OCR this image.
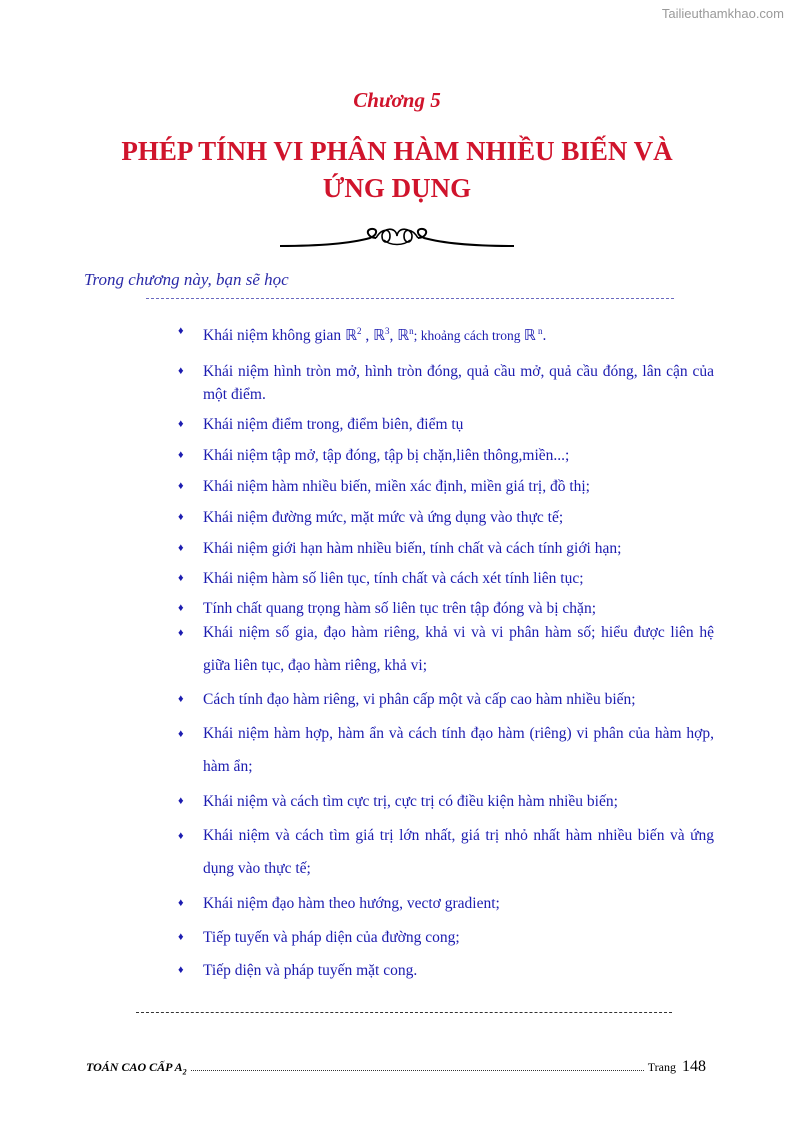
Tailieuthamkhao.com
Chương 5
PHÉP TÍNH VI PHÂN HÀM NHIỀU BIẾN VÀ
ỨNG DỤNG
Trong chương này, bạn sẽ học
♦ Khái niệm không gian ℝ$^2$ , ℝ$^3$, ℝ$^n$; khoảng cách trong ℝ $^n$.
♦ Khái niệm hình tròn mở, hình tròn đóng, quả cầu mở, quả cầu đóng, lân cận của một điểm.
♦ Khái niệm điểm trong, điểm biên, điểm tụ
♦ Khái niệm tập mở, tập đóng, tập bị chặn,liên thông,miền...;
♦ Khái niệm hàm nhiều biến, miền xác định, miền giá trị, đồ thị;
♦ Khái niệm đường mức, mặt mức và ứng dụng vào thực tế;
♦ Khái niệm giới hạn hàm nhiều biến, tính chất và cách tính giới hạn;
♦ Khái niệm hàm số liên tục, tính chất và cách xét tính liên tục;
♦ Tính chất quang trọng hàm số liên tục trên tập đóng và bị chặn;
♦ Khái niệm số gia, đạo hàm riêng, khả vi và vi phân hàm số; hiểu được liên hệ giữa liên tục, đạo hàm riêng, khả vi;
♦ Cách tính đạo hàm riêng, vi phân cấp một và cấp cao hàm nhiều biến;
♦ Khái niệm hàm hợp, hàm ẩn và cách tính đạo hàm (riêng) vi phân của hàm hợp, hàm ẩn;
♦ Khái niệm và cách tìm cực trị, cực trị có điều kiện hàm nhiều biến;
♦ Khái niệm và cách tìm giá trị lớn nhất, giá trị nhỏ nhất hàm nhiều biến và ứng dụng vào thực tế;
♦ Khái niệm đạo hàm theo hướng, vectơ gradient;
♦ Tiếp tuyến và pháp diện của đường cong;
♦ Tiếp diện và pháp tuyến mặt cong.
TOÁN CAO CẤP $A_2$	Trang 148
